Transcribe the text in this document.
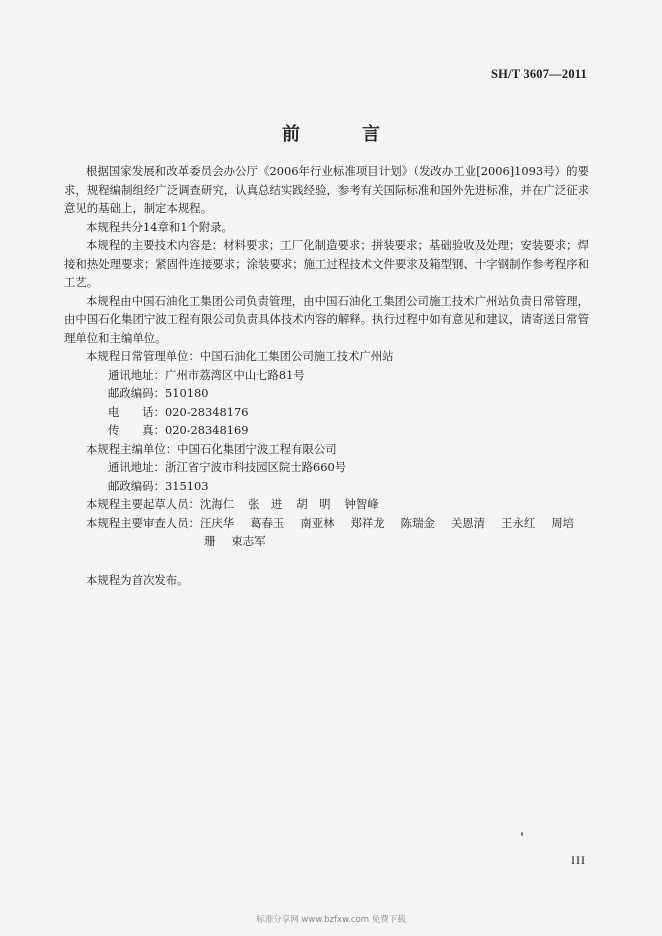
SH/T 3607—2011
前　言

根据国家发展和改革委员会办公厅《2006年行业标准项目计划》（发改办工业[2006]1093号）的要求，规程编制组经广泛调查研究，认真总结实践经验，参考有关国际标准和国外先进标准，并在广泛征求意见的基础上，制定本规程。

本规程共分14章和1个附录。

本规程的主要技术内容是：材料要求；工厂化制造要求；拼装要求；基础验收及处理；安装要求；焊接和热处理要求；紧固件连接要求；涂装要求；施工过程技术文件要求及箱型钢、十字钢制作参考程序和工艺。

本规程由中国石油化工集团公司负责管理，由中国石油化工集团公司施工技术广州站负责日常管理，由中国石化集团宁波工程有限公司负责具体技术内容的解释。执行过程中如有意见和建议，请寄送日常管理单位和主编单位。

本规程日常管理单位：中国石油化工集团公司施工技术广州站
通讯地址：广州市荔湾区中山七路81号
邮政编码：510180
电　　话：020-28348176
传　　真：020-28348169
本规程主编单位：中国石化集团宁波工程有限公司
通讯地址：浙江省宁波市科技园区院士路660号
邮政编码：315103
本规程主要起草人员：沈海仁 张　进 胡　明 钟智峰
本规程主要审查人员：汪庆华 葛春玉 南亚林 郑祥龙 陈瑞金 关恩清 王永红 周培珊 束志军

本规程为首次发布。

III
标准分享网 www.bzfxw.com 免费下载
